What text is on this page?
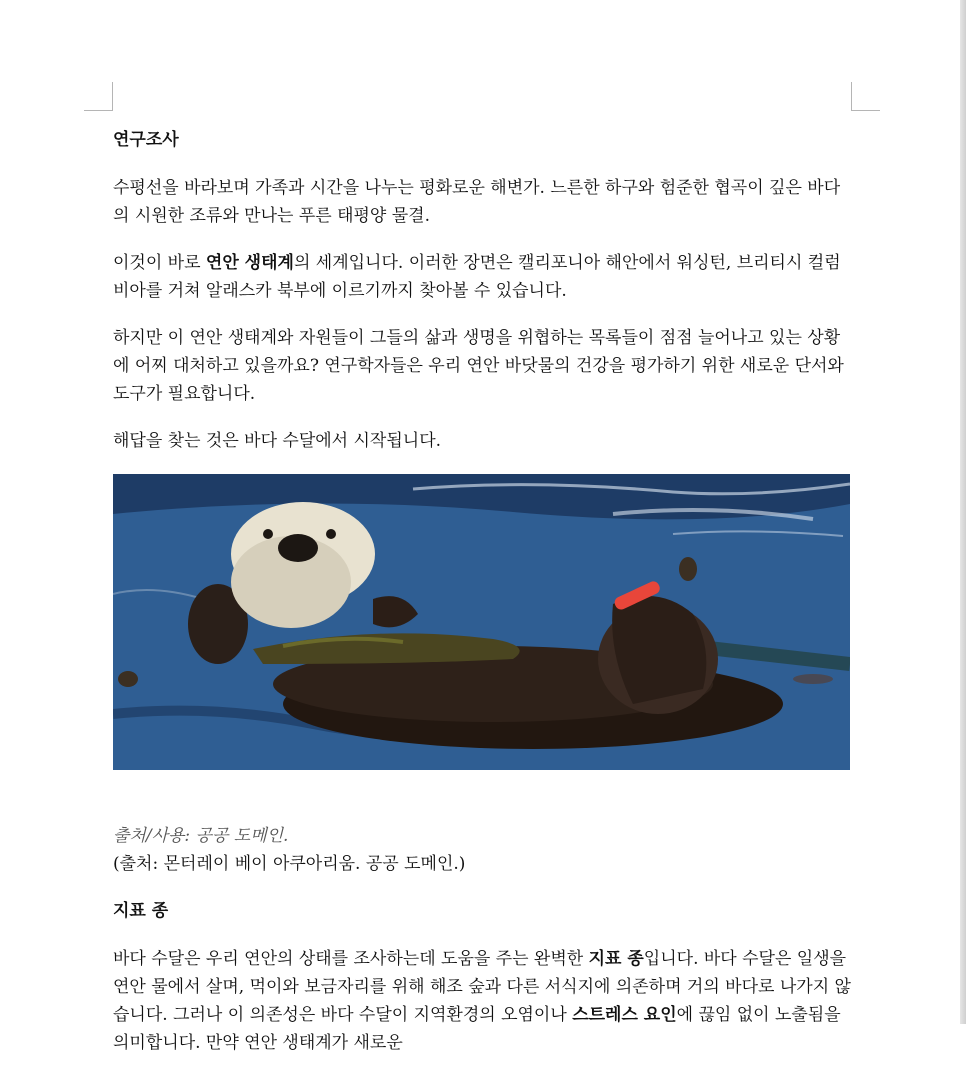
연구조사

수평선을 바라보며 가족과 시간을 나누는 평화로운 해변가. 느른한 하구와 험준한 협곡이 깊은 바다의 시원한 조류와 만나는 푸른 태평양 물결.

이것이 바로 연안 생태계의 세계입니다. 이러한 장면은 캘리포니아 해안에서 워싱턴, 브리티시 컬럼비아를 거쳐 알래스카 북부에 이르기까지 찾아볼 수 있습니다.

하지만 이 연안 생태계와 자원들이 그들의 삶과 생명을 위협하는 목록들이 점점 늘어나고 있는 상황에 어찌 대처하고 있을까요? 연구학자들은 우리 연안 바닷물의 건강을 평가하기 위한 새로운 단서와 도구가 필요합니다.

해답을 찾는 것은 바다 수달에서 시작됩니다.

출처/사용: 공공 도메인.

(출처: 몬터레이 베이 아쿠아리움. 공공 도메인.)

지표 종

바다 수달은 우리 연안의 상태를 조사하는데 도움을 주는 완벽한 지표 종입니다. 바다 수달은 일생을 연안 물에서 살며, 먹이와 보금자리를 위해 해조 숲과 다른 서식지에 의존하며 거의 바다로 나가지 않습니다. 그러나 이 의존성은 바다 수달이 지역환경의 오염이나 스트레스 요인에 끊임 없이 노출됨을 의미합니다. 만약 연안 생태계가 새로운
